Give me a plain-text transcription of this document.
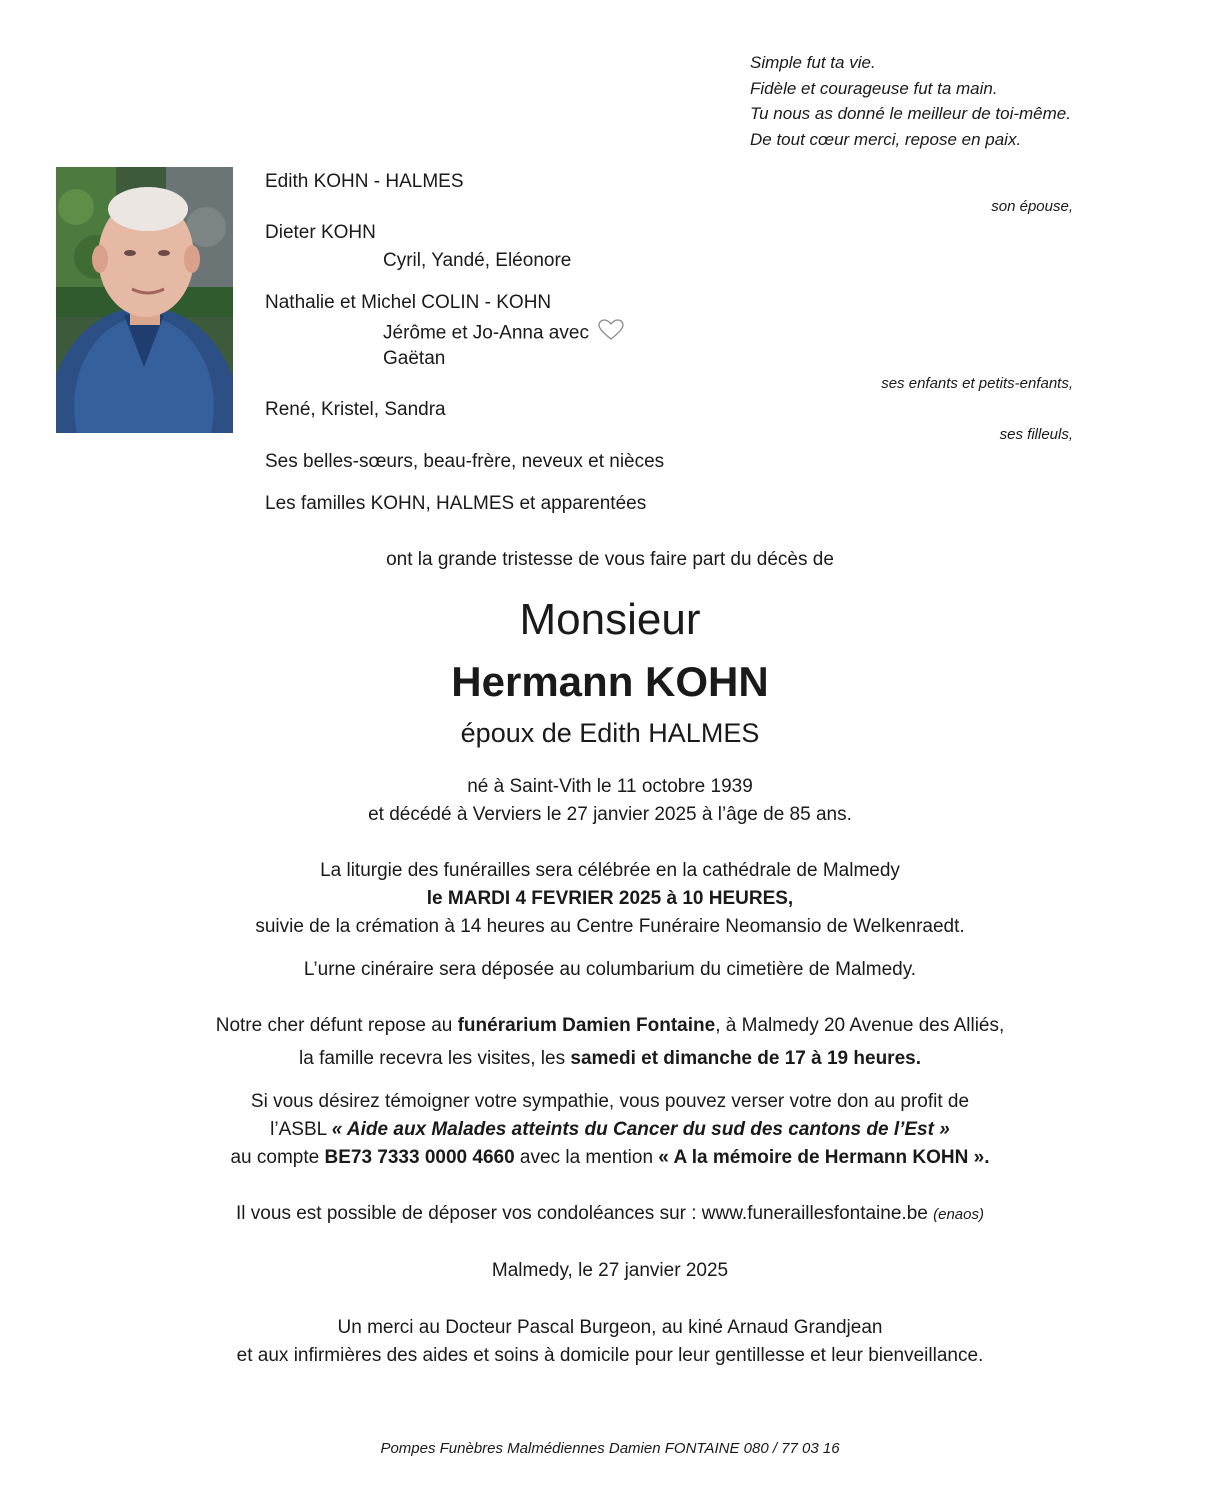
Simple fut ta vie.
Fidèle et courageuse fut ta main.
Tu nous as donné le meilleur de toi-même.
De tout cœur merci, repose en paix.
Edith KOHN - HALMES
son épouse,
Dieter KOHN
Cyril, Yandé, Eléonore
Nathalie et Michel COLIN - KOHN
Jérôme et Jo-Anna avec
Gaëtan
ses enfants et petits-enfants,
René, Kristel, Sandra
ses filleuls,
Ses belles-sœurs, beau-frère, neveux et nièces
Les familles KOHN, HALMES et apparentées
ont la grande tristesse de vous faire part du décès de
Monsieur
Hermann KOHN
époux de Edith HALMES
né à Saint-Vith le 11 octobre 1939
et décédé à Verviers le 27 janvier 2025 à l’âge de 85 ans.
La liturgie des funérailles sera célébrée en la cathédrale de Malmedy
le MARDI 4 FEVRIER 2025 à 10 HEURES,
suivie de la crémation à 14 heures au Centre Funéraire Neomansio de Welkenraedt.
L’urne cinéraire sera déposée au columbarium du cimetière de Malmedy.
Notre cher défunt repose au funérarium Damien Fontaine, à Malmedy 20 Avenue des Alliés,
la famille recevra les visites, les samedi et dimanche de 17 à 19 heures.
Si vous désirez témoigner votre sympathie, vous pouvez verser votre don au profit de
l’ASBL « Aide aux Malades atteints du Cancer du sud des cantons de l’Est »
au compte BE73 7333 0000 4660 avec la mention « A la mémoire de Hermann KOHN ».
Il vous est possible de déposer vos condoléances sur : www.funeraillesfontaine.be (enaos)
Malmedy, le 27 janvier 2025
Un merci au Docteur Pascal Burgeon, au kiné Arnaud Grandjean
et aux infirmières des aides et soins à domicile pour leur gentillesse et leur bienveillance.
Pompes Funèbres Malmédiennes Damien FONTAINE 080 / 77 03 16
